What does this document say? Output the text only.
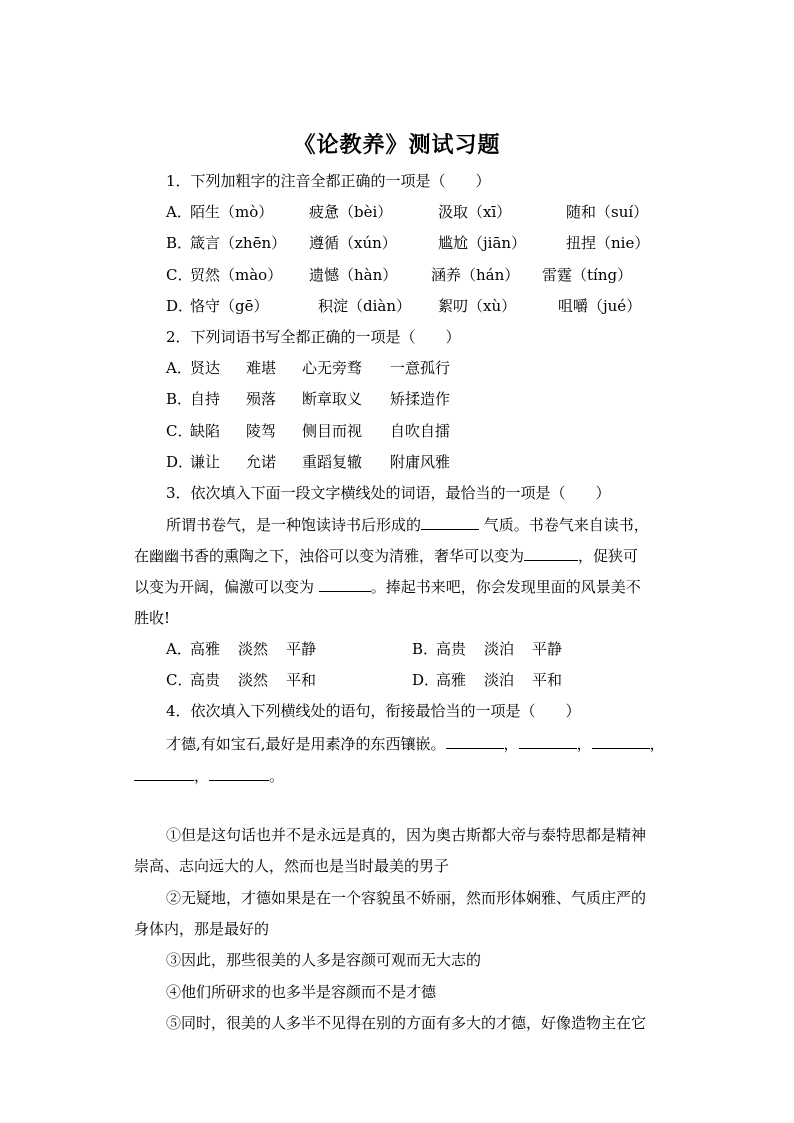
《论教养》测试习题
1．下列加粗字的注音全都正确的一项是（　　）
A．
陌生（mò） 疲惫（bèi）	汲取（xī）	随和（suí）
B．
箴言（zhēn） 遵循（xún）	尴尬（jiān）	扭捏（nie）
C．
贸然（mào） 遗憾（hàn） 涵养（hán） 雷霆（tíng）
D．
恪守（gē）	积淀（diàn） 絮叨（xù）	咀嚼（jué）
2．下列词语书写全都正确的一项是（　　）
A．
贤达 难堪 心无旁骛 一意孤行
B．
自持 殒落 断章取义 矫揉造作
C．
缺陷 陵驾 侧目而视 自吹自擂
D．
谦让 允诺 重蹈复辙 附庸风雅
3．依次填入下面一段文字横线处的词语，最恰当的一项是（　　）
所谓书卷气，是一种饱读诗书后形成的	气质。书卷气来自读书，
在幽幽书香的熏陶之下，浊俗可以变为清雅，奢华可以变为	，促狭可
以变为开阔，偏激可以变为	。捧起书来吧，你会发现里面的风景美不
胜收!
A．
高雅 淡然 平静	B．
高贵 淡泊 平静
C．
高贵 淡然 平和	D．
高雅 淡泊 平和
4．依次填入下列横线处的语句，衔接最恰当的一项是（　　）
才德,有如宝石,最好是用素净的东西镶嵌。	，	，	，
，	。
①但是这句话也并不是永远是真的，因为奥古斯都大帝与泰特思都是精神
崇高、志向远大的人，然而也是当时最美的男子
②无疑地，才德如果是在一个容貌虽不娇丽，然而形体娴雅、气质庄严的
身体内，那是最好的
③因此，那些很美的人多是容颜可观而无大志的
④他们所研求的也多半是容颜而不是才德
⑤同时，很美的人多半不见得在别的方面有多大的才德，好像造物主在它
